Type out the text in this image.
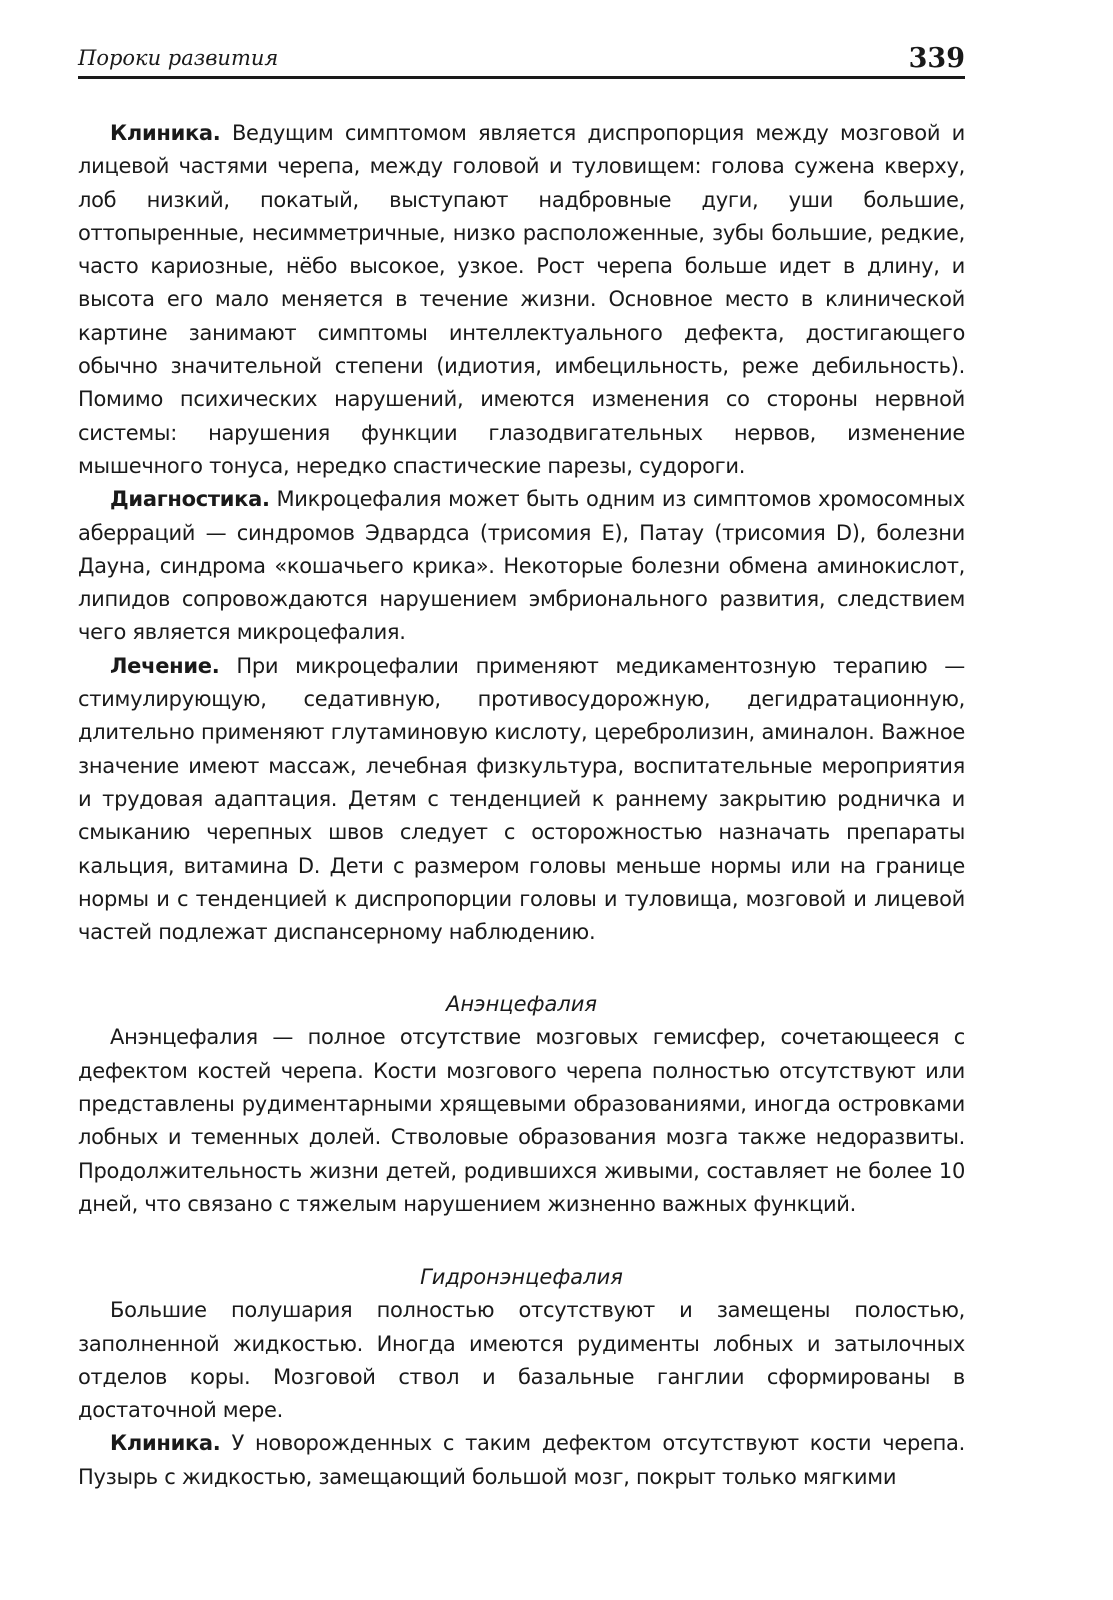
Пороки развития	339

Клиника. Ведущим симптомом является диспропорция между мозговой и лицевой частями черепа, между головой и туловищем: голова сужена кверху, лоб низкий, покатый, выступают надбровные дуги, уши большие, оттопыренные, несимметричные, низко расположенные, зубы большие, редкие, часто кариозные, нёбо высокое, узкое. Рост черепа больше идет в длину, и высота его мало меняется в течение жизни. Основное место в клинической картине занимают симптомы интеллектуального дефекта, достигающего обычно значительной степени (идиотия, имбецильность, реже дебильность). Помимо психических нарушений, имеются изменения со стороны нервной системы: нарушения функции глазодвигательных нервов, изменение мышечного тонуса, нередко спастические парезы, судороги.

Диагностика. Микроцефалия может быть одним из симптомов хромосомных аберраций — синдромов Эдвардса (трисомия E), Патау (трисомия D), болезни Дауна, синдрома «кошачьего крика». Некоторые болезни обмена аминокислот, липидов сопровождаются нарушением эмбрионального развития, следствием чего является микроцефалия.

Лечение. При микроцефалии применяют медикаментозную терапию — стимулирующую, седативную, противосудорожную, дегидратационную, длительно применяют глутаминовую кислоту, церебролизин, аминалон. Важное значение имеют массаж, лечебная физкультура, воспитательные мероприятия и трудовая адаптация. Детям с тенденцией к раннему закрытию родничка и смыканию черепных швов следует с осторожностью назначать препараты кальция, витамина D. Дети с размером головы меньше нормы или на границе нормы и с тенденцией к диспропорции головы и туловища, мозговой и лицевой частей подлежат диспансерному наблюдению.

Анэнцефалия

Анэнцефалия — полное отсутствие мозговых гемисфер, сочетающееся с дефектом костей черепа. Кости мозгового черепа полностью отсутствуют или представлены рудиментарными хрящевыми образованиями, иногда островками лобных и теменных долей. Стволовые образования мозга также недоразвиты. Продолжительность жизни детей, родившихся живыми, составляет не более 10 дней, что связано с тяжелым нарушением жизненно важных функций.

Гидронэнцефалия

Большие полушария полностью отсутствуют и замещены полостью, заполненной жидкостью. Иногда имеются рудименты лобных и затылочных отделов коры. Мозговой ствол и базальные ганглии сформированы в достаточной мере.

Клиника. У новорожденных с таким дефектом отсутствуют кости черепа. Пузырь с жидкостью, замещающий большой мозг, покрыт только мягкими
